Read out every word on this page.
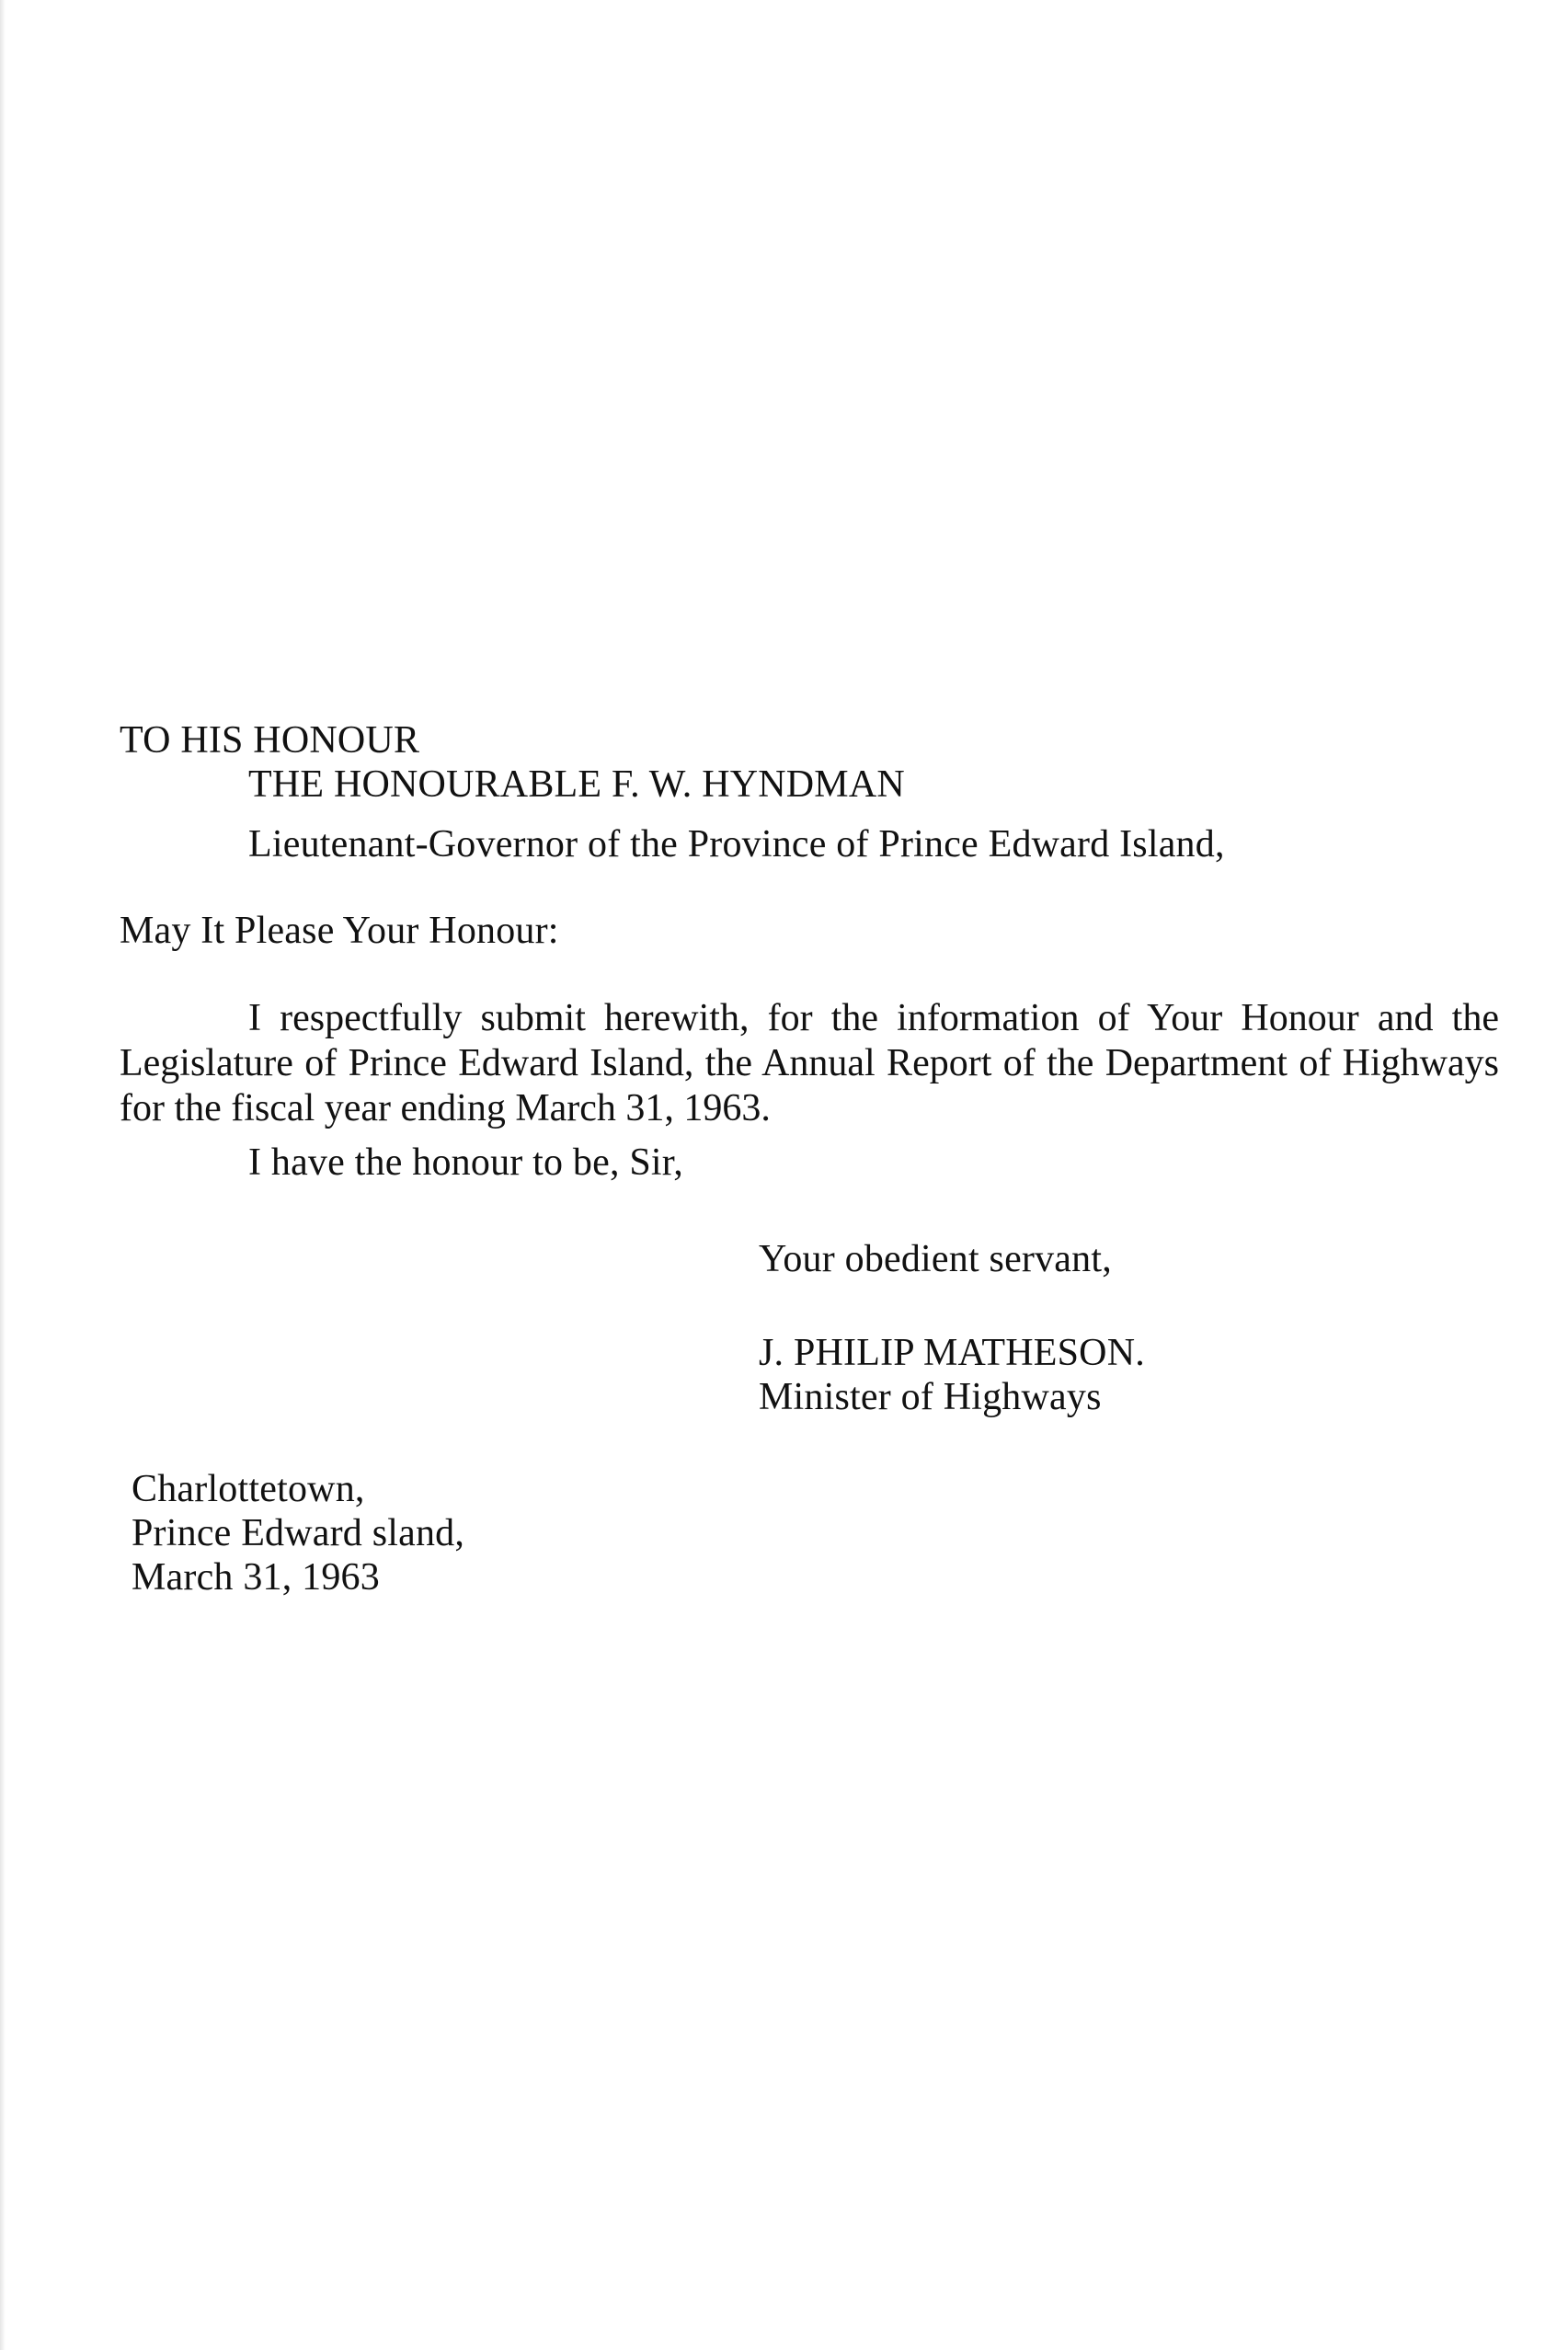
TO HIS HONOUR
THE HONOURABLE F. W. HYNDMAN
Lieutenant-Governor of the Province of Prince Edward Island,
May It Please Your Honour:

I respectfully submit herewith, for the information of Your Honour and the Legislature of Prince Edward Island, the Annual Report of the Department of Highways for the fiscal year ending March 31, 1963.

I have the honour to be, Sir,
Your obedient servant,
J. PHILIP MATHESON.
Minister of Highways
Charlottetown,
Prince Edward sland,
March 31, 1963
